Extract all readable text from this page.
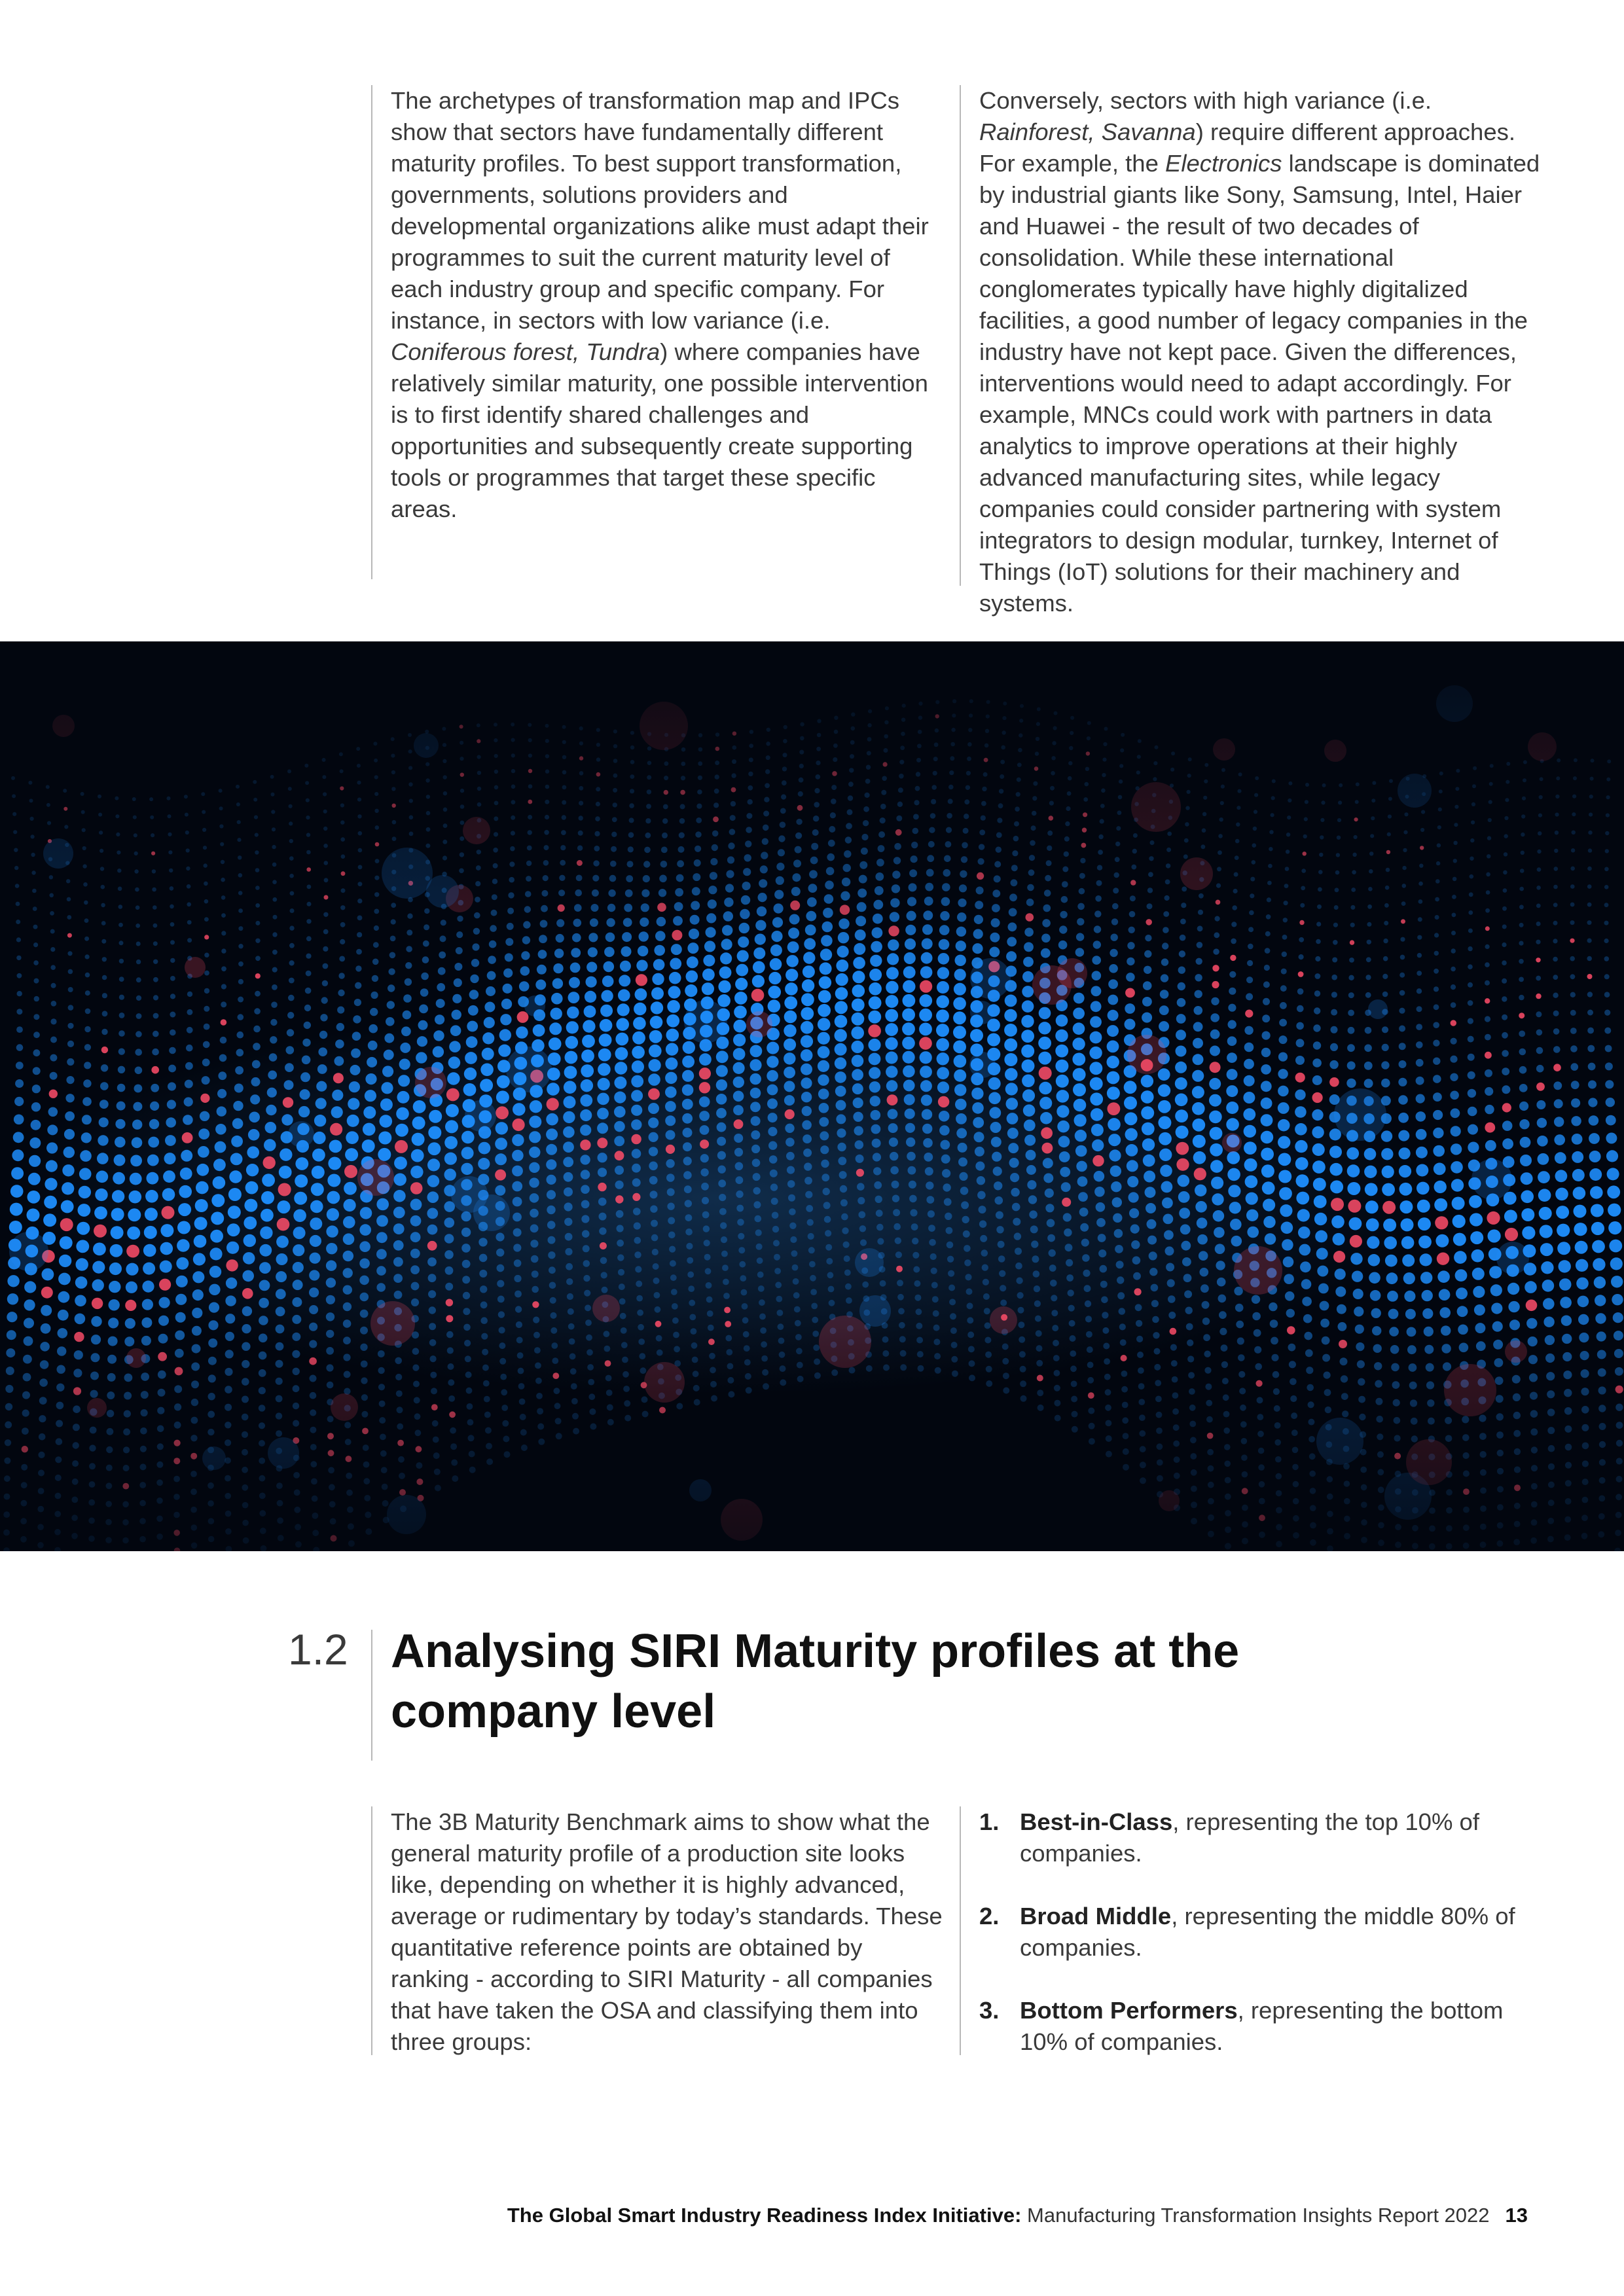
The archetypes of transformation map and IPCs show that sectors have fundamentally different maturity profiles. To best support transformation, governments, solutions providers and developmental organizations alike must adapt their programmes to suit the current maturity level of each industry group and specific company. For instance, in sectors with low variance (i.e. Coniferous forest, Tundra) where companies have relatively similar maturity, one possible intervention is to first identify shared challenges and opportunities and subsequently create supporting tools or programmes that target these specific areas.

Conversely, sectors with high variance (i.e. Rainforest, Savanna) require different approaches. For example, the Electronics landscape is dominated by industrial giants like Sony, Samsung, Intel, Haier and Huawei - the result of two decades of consolidation. While these international conglomerates typically have highly digitalized facilities, a good number of legacy companies in the industry have not kept pace. Given the differences, interventions would need to adapt accordingly. For example, MNCs could work with partners in data analytics to improve operations at their highly advanced manufacturing sites, while legacy companies could consider partnering with system integrators to design modular, turnkey, Internet of Things (IoT) solutions for their machinery and systems.

1.2 Analysing SIRI Maturity profiles at the company level

The 3B Maturity Benchmark aims to show what the general maturity profile of a production site looks like, depending on whether it is highly advanced, average or rudimentary by today’s standards. These quantitative reference points are obtained by ranking - according to SIRI Maturity - all companies that have taken the OSA and classifying them into three groups:

1. Best-in-Class, representing the top 10% of companies.
2. Broad Middle, representing the middle 80% of companies.
3. Bottom Performers, representing the bottom 10% of companies.
The Global Smart Industry Readiness Index Initiative: Manufacturing Transformation Insights Report 2022 13
